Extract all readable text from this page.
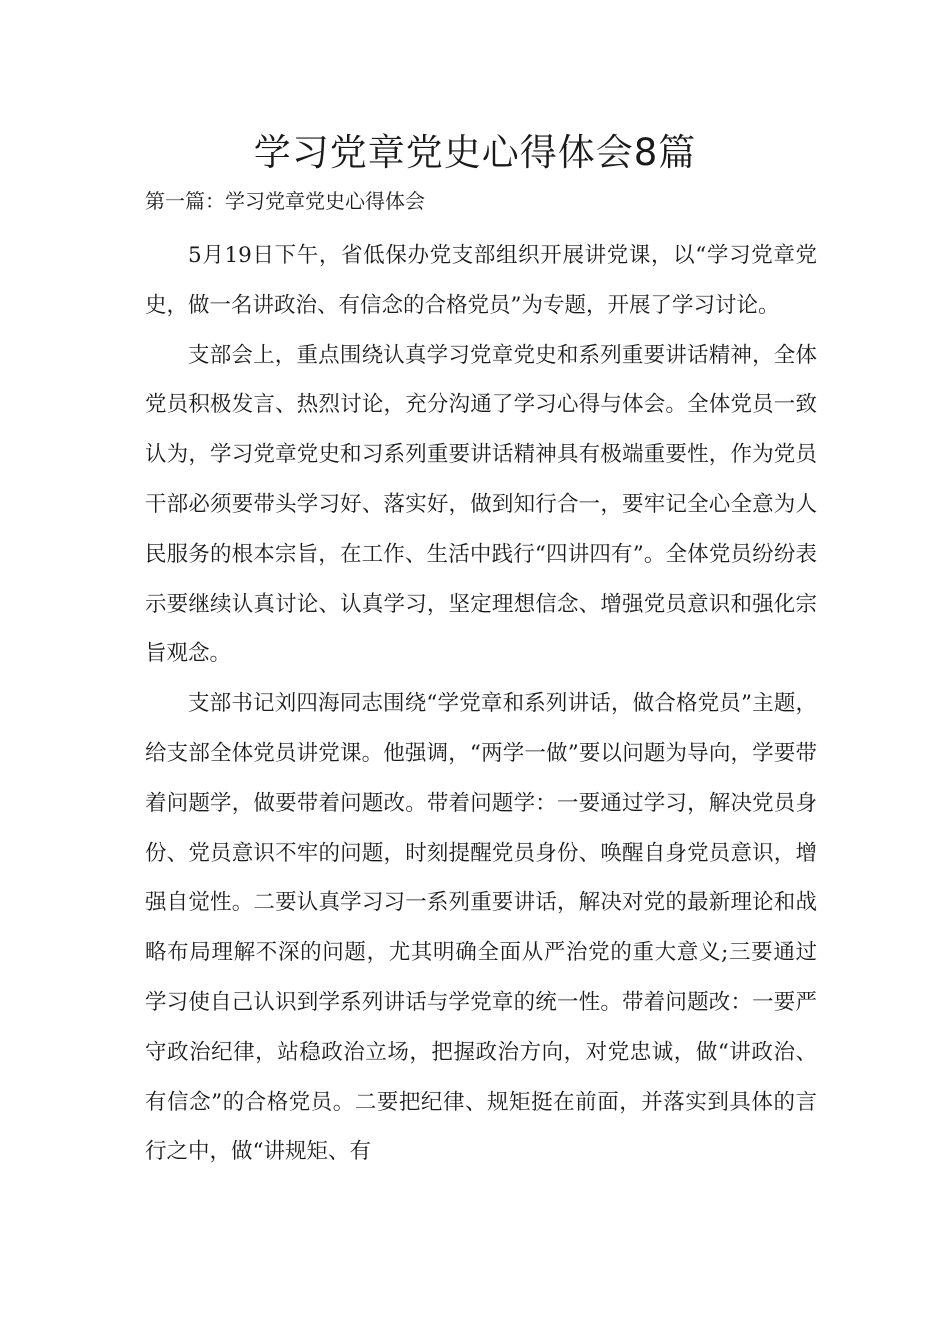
学习党章党史心得体会8篇

第一篇：学习党章党史心得体会

5月19日下午，省低保办党支部组织开展讲党课，以“学习党章党史，做一名讲政治、有信念的合格党员”为专题，开展了学习讨论。

支部会上，重点围绕认真学习党章党史和系列重要讲话精神，全体党员积极发言、热烈讨论，充分沟通了学习心得与体会。全体党员一致认为，学习党章党史和习系列重要讲话精神具有极端重要性，作为党员干部必须要带头学习好、落实好，做到知行合一，要牢记全心全意为人民服务的根本宗旨，在工作、生活中践行“四讲四有”。全体党员纷纷表示要继续认真讨论、认真学习，坚定理想信念、增强党员意识和强化宗旨观念。

支部书记刘四海同志围绕“学党章和系列讲话，做合格党员”主题，给支部全体党员讲党课。他强调，“两学一做”要以问题为导向，学要带着问题学，做要带着问题改。带着问题学：一要通过学习，解决党员身份、党员意识不牢的问题，时刻提醒党员身份、唤醒自身党员意识，增强自觉性。二要认真学习习一系列重要讲话，解决对党的最新理论和战略布局理解不深的问题，尤其明确全面从严治党的重大意义;三要通过学习使自己认识到学系列讲话与学党章的统一性。带着问题改：一要严守政治纪律，站稳政治立场，把握政治方向，对党忠诚，做“讲政治、有信念”的合格党员。二要把纪律、规矩挺在前面，并落实到具体的言行之中，做“讲规矩、有
